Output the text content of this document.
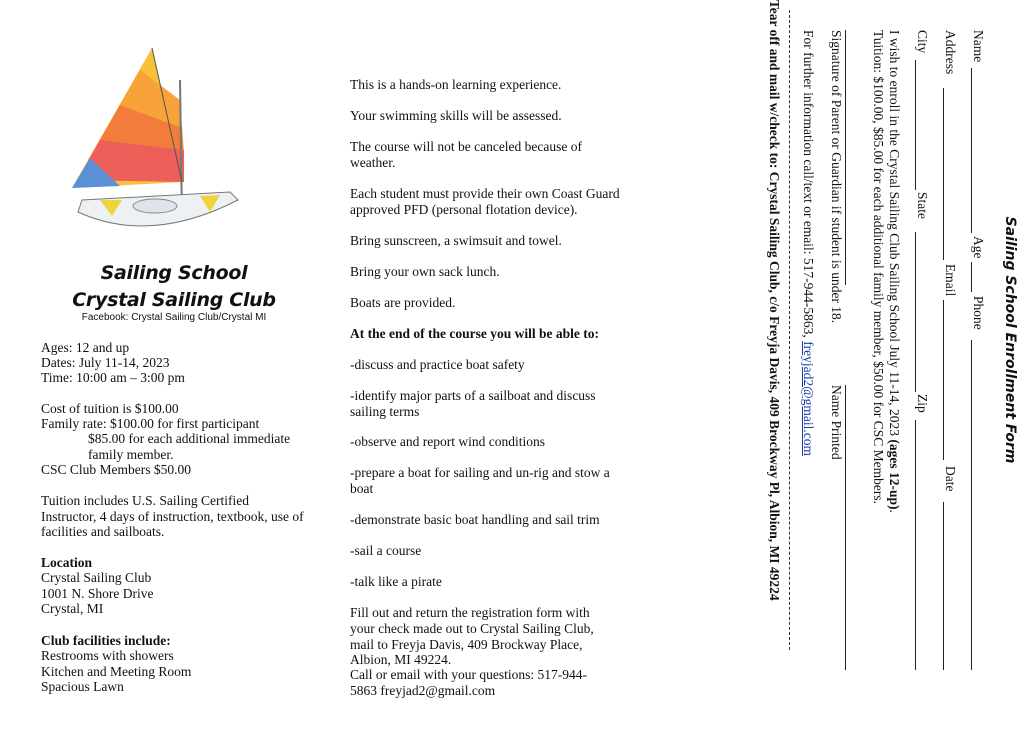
Sailing School
Crystal Sailing Club
Facebook: Crystal Sailing Club/Crystal MI

Ages: 12 and up

Dates: July 11-14, 2023

Time: 10:00 am – 3:00 pm

Cost of tuition is $100.00

Family rate: $100.00 for first participant

$85.00 for each additional immediate

family member.

CSC Club Members $50.00

Tuition includes U.S. Sailing Certified

Instructor, 4 days of instruction, textbook, use of

facilities and sailboats.

Location

Crystal Sailing Club

1001 N. Shore Drive

Crystal, MI

Club facilities include:

Restrooms with showers

Kitchen and Meeting Room

Spacious Lawn

This is a hands-on learning experience.

Your swimming skills will be assessed.

The course will not be canceled because of weather.

Each student must provide their own Coast Guard approved PFD (personal flotation device).

Bring sunscreen, a swimsuit and towel.

Bring your own sack lunch.

Boats are provided.

At the end of the course you will be able to:

-discuss and practice boat safety

-identify major parts of a sailboat and discuss sailing terms

-observe and report wind conditions

-prepare a boat for sailing and un-rig and stow a boat

-demonstrate basic boat handling and sail trim

-sail a course

-talk like a pirate

Fill out and return the registration form with your check made out to Crystal Sailing Club, mail to Freyja Davis, 409 Brockway Place, Albion, MI 49224.

Call or email with your questions: 517-944-5863 freyjad2@gmail.com

Sailing School Enrollment Form

Name

Age

Phone

Address

Email

Date

City

State

Zip

I wish to enroll in the Crystal Sailing Club Sailing School July 11-14, 2023 (ages 12-up).

Tuition: $100.00, $85.00 for each additional family member, $50.00 for CSC Members.

Signature of Parent or Guardian if student is under 18.

Name Printed

For further information call/text or email: 517-944-5863, freyjad2@gmail.com

Tear off and mail w/check to: Crystal Sailing Club, c/o Freyja Davis, 409 Brockway Pl, Albion, MI 49224
